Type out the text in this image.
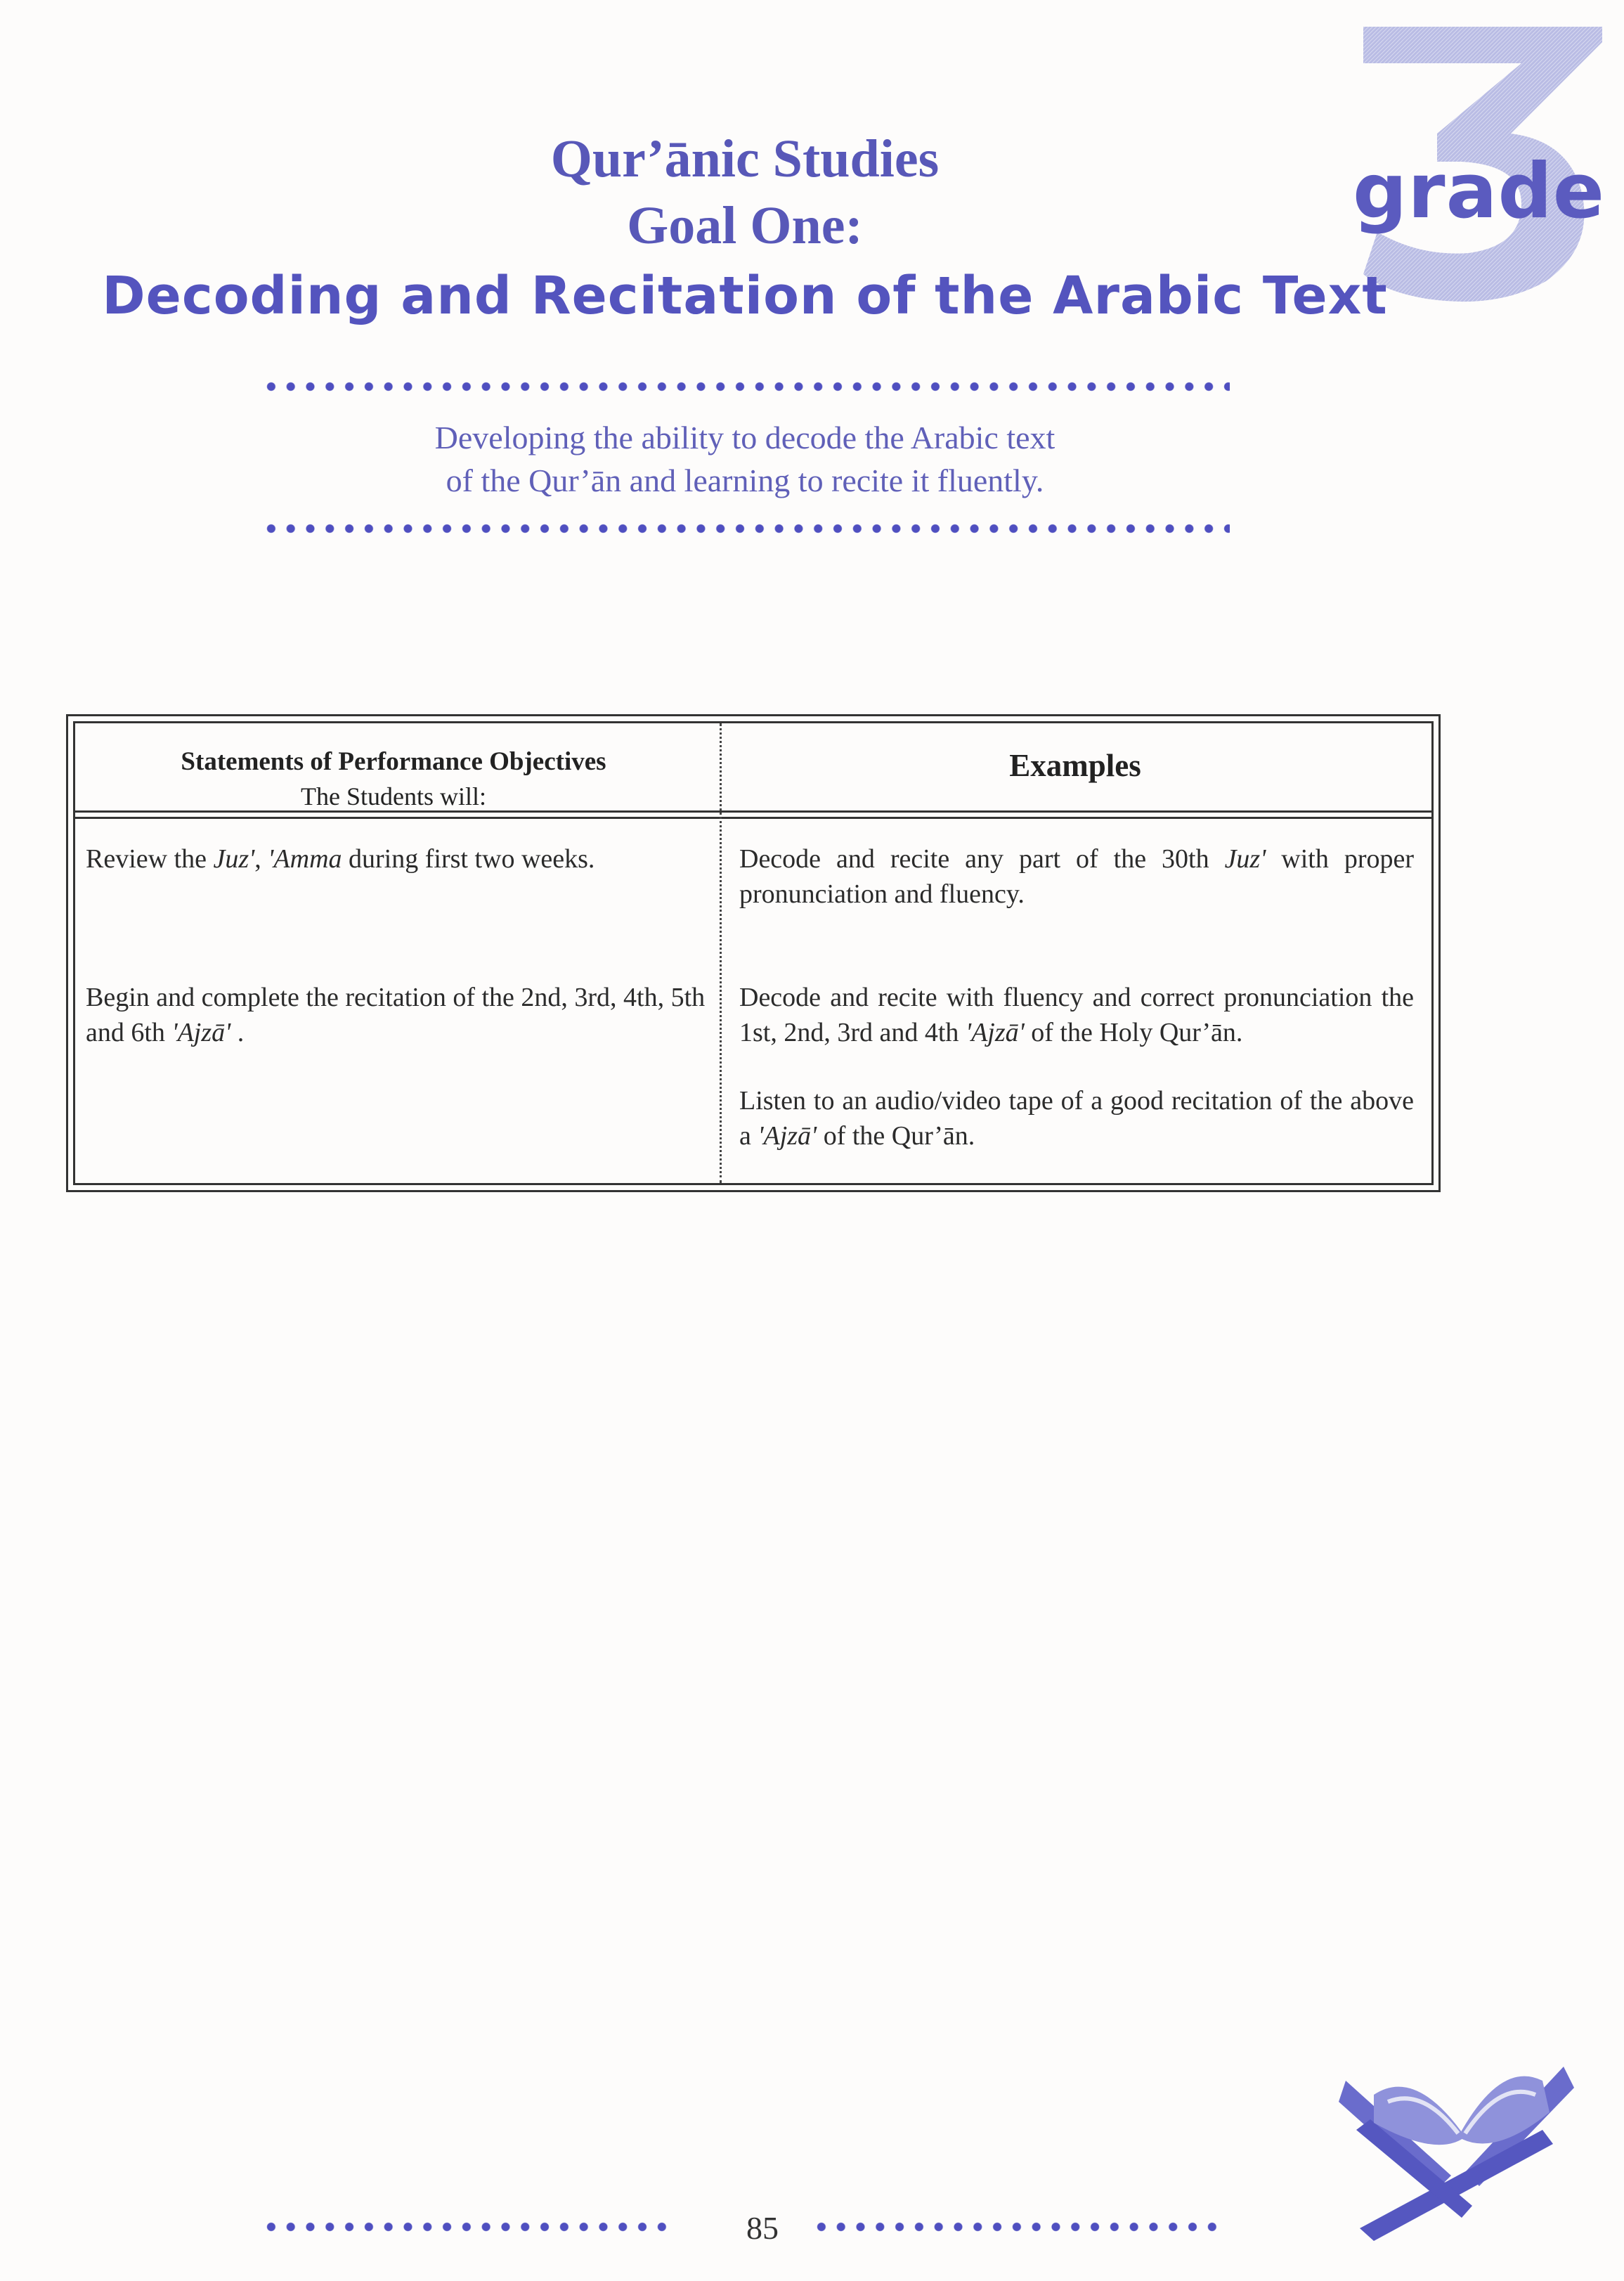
grade
Qur’ānic Studies
Goal One:
Decoding and Recitation of the Arabic Text
Developing the ability to decode the Arabic text
of the Qur’ān and learning to recite it fluently.
Statements of Performance Objectives
The Students will:
Examples
Review the Juz', 'Amma during first two weeks.	Decode and recite any part of the 30th Juz' with proper pronunciation and fluency.
Begin and complete the recitation of the 2nd, 3rd, 4th, 5th and 6th 'Ajzā' .
Decode and recite with fluency and correct pronunciation the 1st, 2nd, 3rd and 4th 'Ajzā' of the Holy Qur’ān.
Listen to an audio/video tape of a good recitation of the above a 'Ajzā' of the Qur’ān.
85
